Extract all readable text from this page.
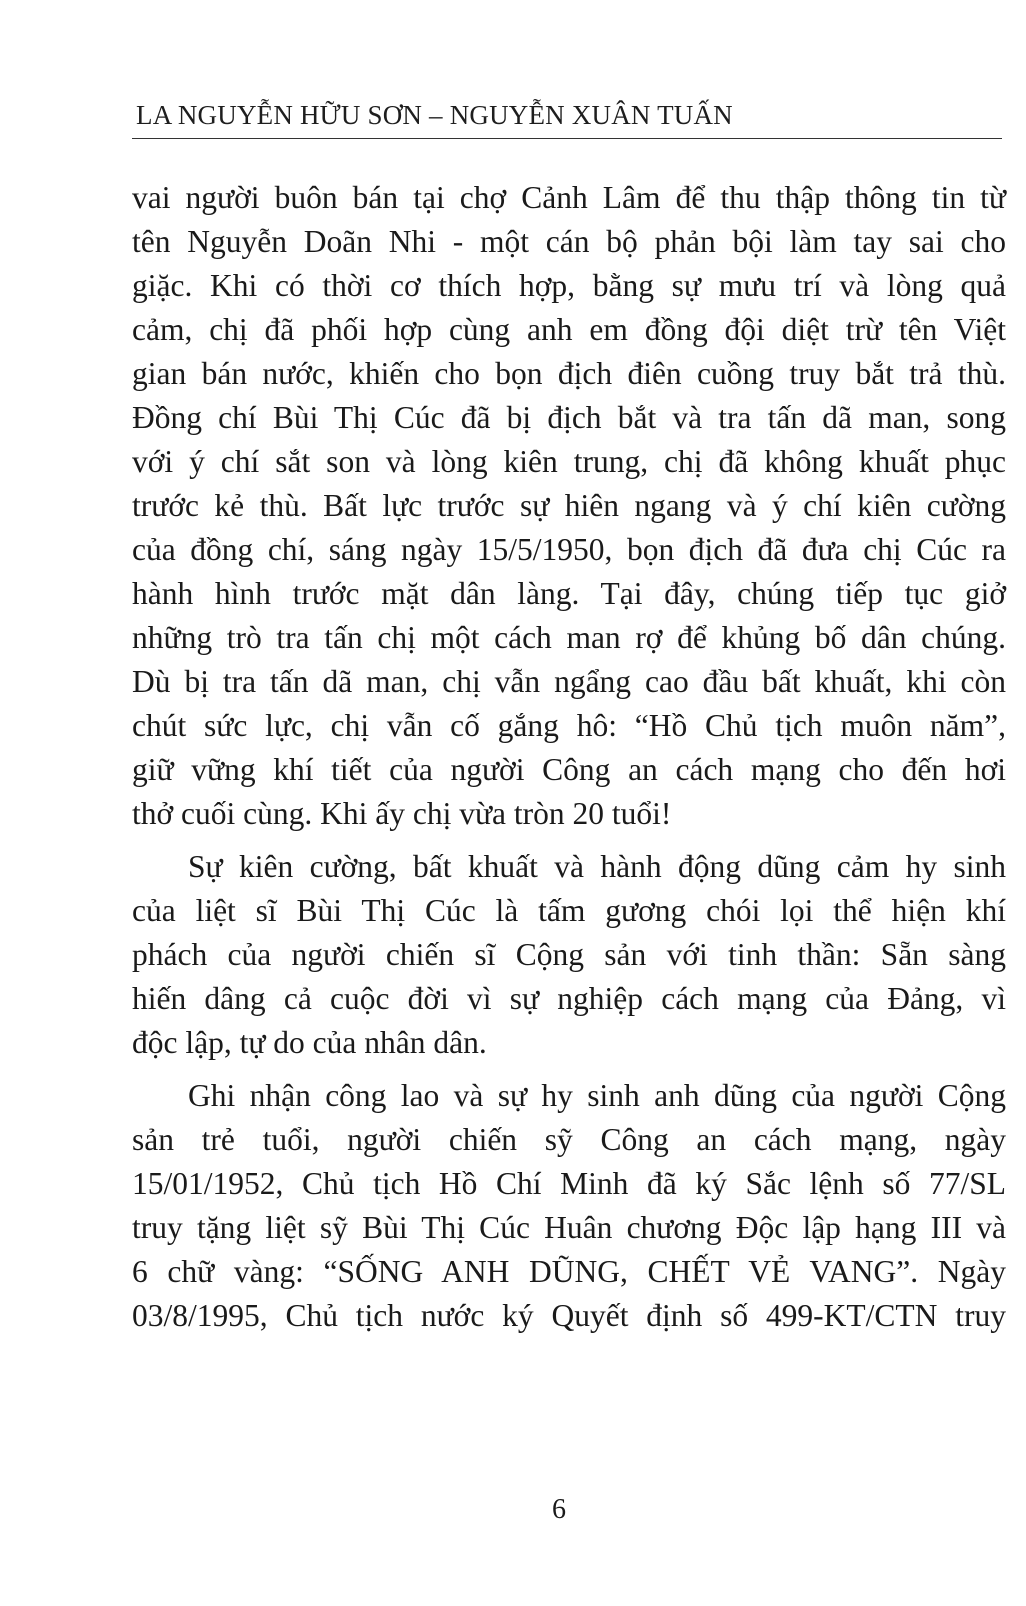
LA NGUYỄN HỮU SƠN – NGUYỄN XUÂN TUẤN
vai người buôn bán tại chợ Cảnh Lâm để thu thập thông tin từ
tên Nguyễn Doãn Nhi - một cán bộ phản bội làm tay sai cho
giặc. Khi có thời cơ thích hợp, bằng sự mưu trí và lòng quả
cảm, chị đã phối hợp cùng anh em đồng đội diệt trừ tên Việt
gian bán nước, khiến cho bọn địch điên cuồng truy bắt trả thù.
Đồng chí Bùi Thị Cúc đã bị địch bắt và tra tấn dã man, song
với ý chí sắt son và lòng kiên trung, chị đã không khuất phục
trước kẻ thù. Bất lực trước sự hiên ngang và ý chí kiên cường
của đồng chí, sáng ngày 15/5/1950, bọn địch đã đưa chị Cúc ra
hành hình trước mặt dân làng. Tại đây, chúng tiếp tục giở
những trò tra tấn chị một cách man rợ để khủng bố dân chúng.
Dù bị tra tấn dã man, chị vẫn ngẩng cao đầu bất khuất, khi còn
chút sức lực, chị vẫn cố gắng hô: “Hồ Chủ tịch muôn năm”,
giữ vững khí tiết của người Công an cách mạng cho đến hơi
thở cuối cùng. Khi ấy chị vừa tròn 20 tuổi!
Sự kiên cường, bất khuất và hành động dũng cảm hy sinh
của liệt sĩ Bùi Thị Cúc là tấm gương chói lọi thể hiện khí
phách của người chiến sĩ Cộng sản với tinh thần: Sẵn sàng
hiến dâng cả cuộc đời vì sự nghiệp cách mạng của Đảng, vì
độc lập, tự do của nhân dân.
Ghi nhận công lao và sự hy sinh anh dũng của người Cộng
sản trẻ tuổi, người chiến sỹ Công an cách mạng, ngày
15/01/1952, Chủ tịch Hồ Chí Minh đã ký Sắc lệnh số 77/SL
truy tặng liệt sỹ Bùi Thị Cúc Huân chương Độc lập hạng III và
6 chữ vàng: “SỐNG ANH DŨNG, CHẾT VẺ VANG”. Ngày
03/8/1995, Chủ tịch nước ký Quyết định số 499-KT/CTN truy
6
